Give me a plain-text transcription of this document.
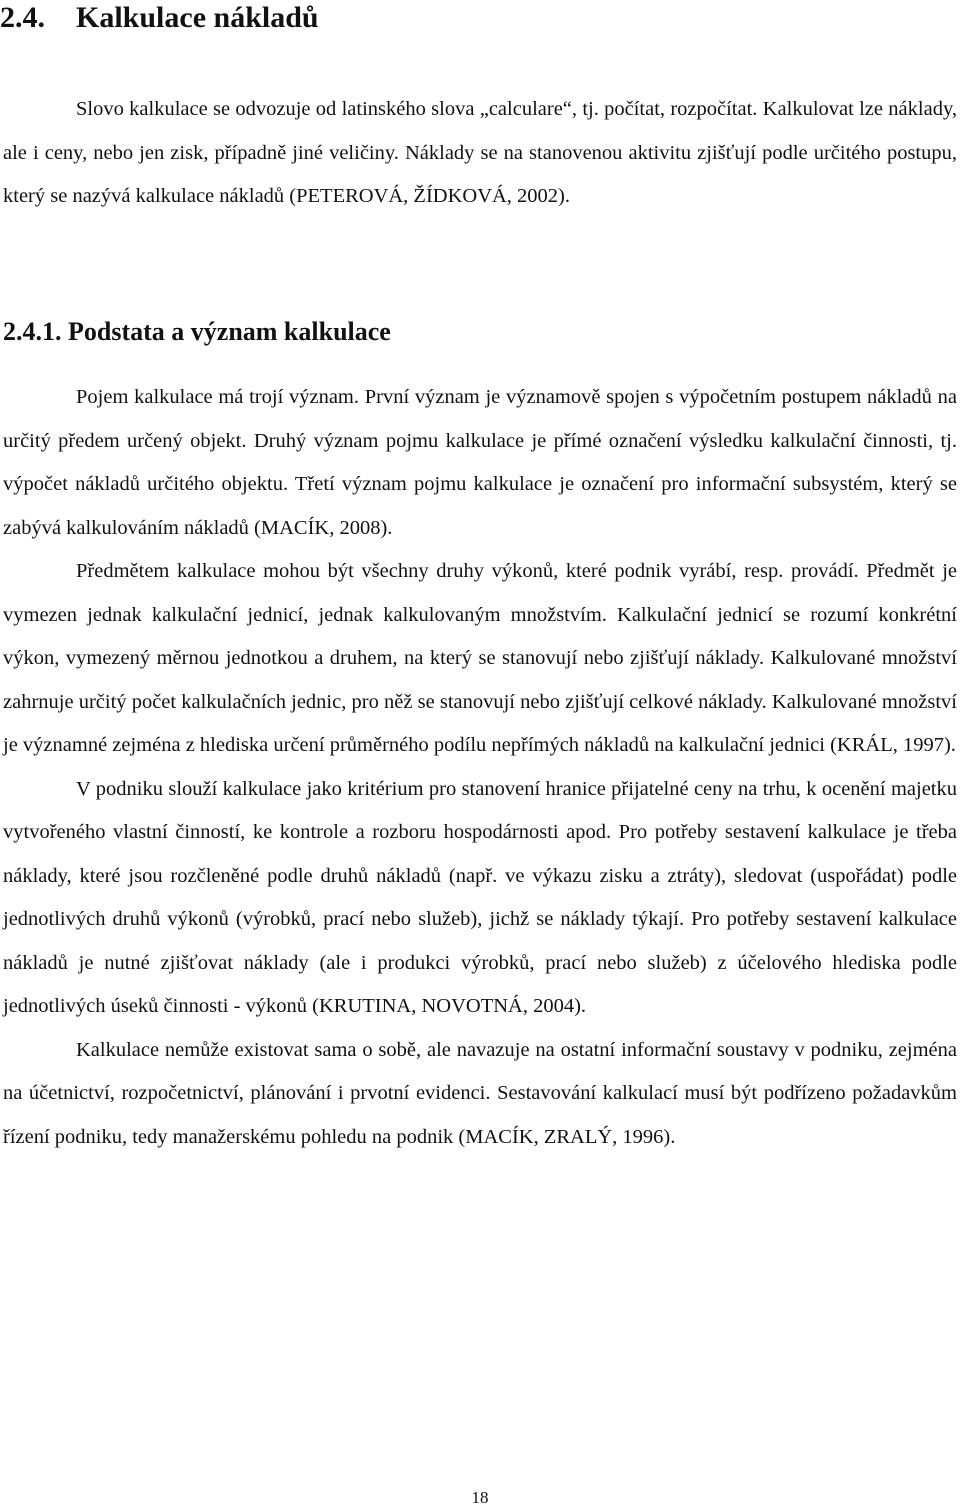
2.4. Kalkulace nákladů

Slovo kalkulace se odvozuje od latinského slova „calculare“, tj. počítat, rozpočítat. Kalkulovat lze náklady, ale i ceny, nebo jen zisk, případně jiné veličiny. Náklady se na stanovenou aktivitu zjišťují podle určitého postupu, který se nazývá kalkulace nákladů (PETEROVÁ, ŽÍDKOVÁ, 2002).

2.4.1. Podstata a význam kalkulace

Pojem kalkulace má trojí význam. První význam je významově spojen s výpočetním postupem nákladů na určitý předem určený objekt. Druhý význam pojmu kalkulace je přímé označení výsledku kalkulační činnosti, tj. výpočet nákladů určitého objektu. Třetí význam pojmu kalkulace je označení pro informační subsystém, který se zabývá kalkulováním nákladů (MACÍK, 2008).

Předmětem kalkulace mohou být všechny druhy výkonů, které podnik vyrábí, resp. provádí. Předmět je vymezen jednak kalkulační jednicí, jednak kalkulovaným množstvím. Kalkulační jednicí se rozumí konkrétní výkon, vymezený měrnou jednotkou a druhem, na který se stanovují nebo zjišťují náklady. Kalkulované množství zahrnuje určitý počet kalkulačních jednic, pro něž se stanovují nebo zjišťují celkové náklady. Kalkulované množství je významné zejména z hlediska určení průměrného podílu nepřímých nákladů na kalkulační jednici (KRÁL, 1997).

V podniku slouží kalkulace jako kritérium pro stanovení hranice přijatelné ceny na trhu, k ocenění majetku vytvořeného vlastní činností, ke kontrole a rozboru hospodárnosti apod. Pro potřeby sestavení kalkulace je třeba náklady, které jsou rozčleněné podle druhů nákladů (např. ve výkazu zisku a ztráty), sledovat (uspořádat) podle jednotlivých druhů výkonů (výrobků, prací nebo služeb), jichž se náklady týkají. Pro potřeby sestavení kalkulace nákladů je nutné zjišťovat náklady (ale i produkci výrobků, prací nebo služeb) z účelového hlediska podle jednotlivých úseků činnosti - výkonů (KRUTINA, NOVOTNÁ, 2004).

Kalkulace nemůže existovat sama o sobě, ale navazuje na ostatní informační soustavy v podniku, zejména na účetnictví, rozpočetnictví, plánování i prvotní evidenci. Sestavování kalkulací musí být podřízeno požadavkům řízení podniku, tedy manažerskému pohledu na podnik (MACÍK, ZRALÝ, 1996).

18
